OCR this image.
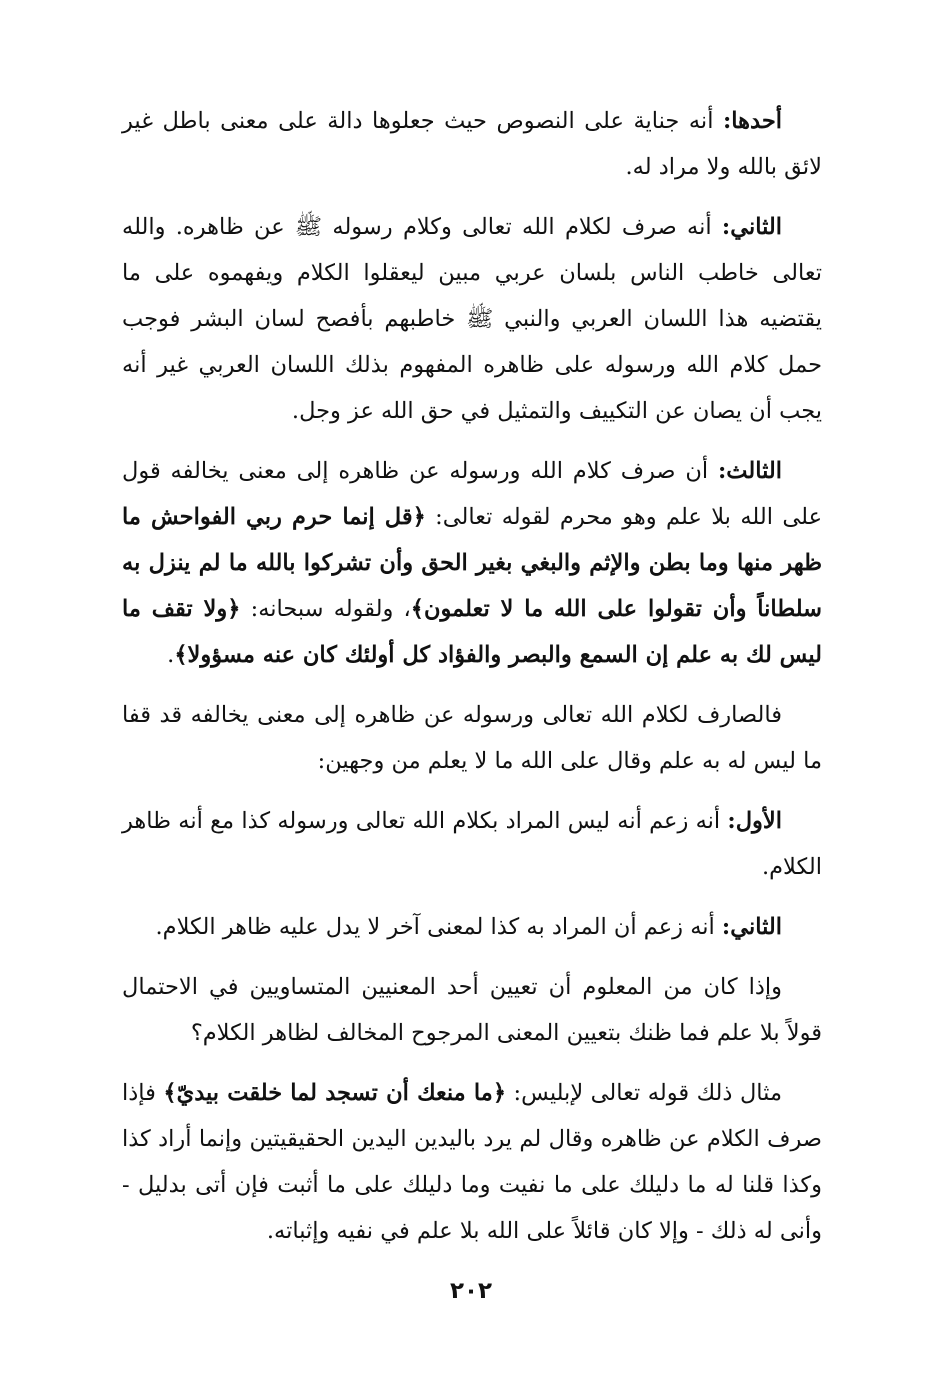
أحدها: أنه جناية على النصوص حيث جعلوها دالة على معنى باطل غير لائق بالله ولا مراد له.

الثاني: أنه صرف لكلام الله تعالى وكلام رسوله ﷺ عن ظاهره. والله تعالى خاطب الناس بلسان عربي مبين ليعقلوا الكلام ويفهموه على ما يقتضيه هذا اللسان العربي والنبي ﷺ خاطبهم بأفصح لسان البشر فوجب حمل كلام الله ورسوله على ظاهره المفهوم بذلك اللسان العربي غير أنه يجب أن يصان عن التكييف والتمثيل في حق الله عز وجل.

الثالث: أن صرف كلام الله ورسوله عن ظاهره إلى معنى يخالفه قول على الله بلا علم وهو محرم لقوله تعالى: ﴿قل إنما حرم ربي الفواحش ما ظهر منها وما بطن والإثم والبغي بغير الحق وأن تشركوا بالله ما لم ينزل به سلطاناً وأن تقولوا على الله ما لا تعلمون﴾، ولقوله سبحانه: ﴿ولا تقف ما ليس لك به علم إن السمع والبصر والفؤاد كل أولئك كان عنه مسؤولا﴾.

فالصارف لكلام الله تعالى ورسوله عن ظاهره إلى معنى يخالفه قد قفا ما ليس له به علم وقال على الله ما لا يعلم من وجهين:

الأول: أنه زعم أنه ليس المراد بكلام الله تعالى ورسوله كذا مع أنه ظاهر الكلام.

الثاني: أنه زعم أن المراد به كذا لمعنى آخر لا يدل عليه ظاهر الكلام.

وإذا كان من المعلوم أن تعيين أحد المعنيين المتساويين في الاحتمال قولاً بلا علم فما ظنك بتعيين المعنى المرجوح المخالف لظاهر الكلام؟

مثال ذلك قوله تعالى لإبليس: ﴿ما منعك أن تسجد لما خلقت بيديّ﴾ فإذا صرف الكلام عن ظاهره وقال لم يرد باليدين اليدين الحقيقيتين وإنما أراد كذا وكذا قلنا له ما دليلك على ما نفيت وما دليلك على ما أثبت فإن أتى بدليل - وأنى له ذلك - وإلا كان قائلاً على الله بلا علم في نفيه وإثباته.

٢٠٢
